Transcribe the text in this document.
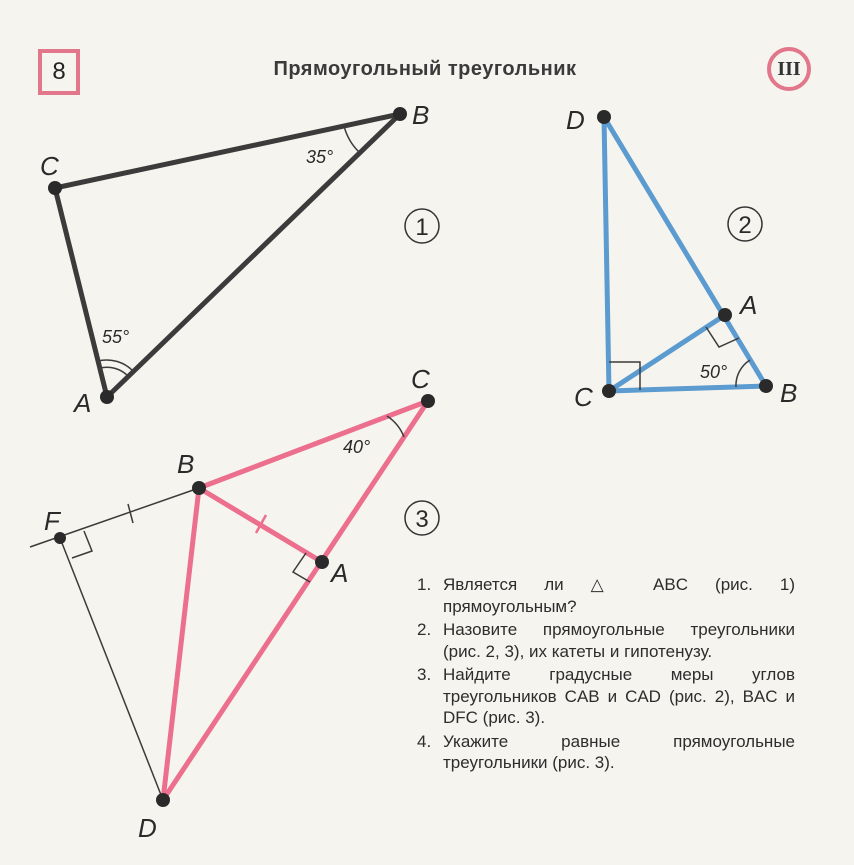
8	Прямоугольный треугольник	III
A
B
C
55°
35°
1
D
A
C	B
50°
2
C
B
F
A
D
40°
3
1. Является ли △ ABC (рис. 1) прямоугольным?
2. Назовите прямоугольные треугольники (рис. 2, 3), их катеты и гипотенузу.
3. Найдите градусные меры углов треугольников CAB и CAD (рис. 2), BAC и DFC (рис. 3).
4. Укажите равные прямоугольные треугольники (рис. 3).
